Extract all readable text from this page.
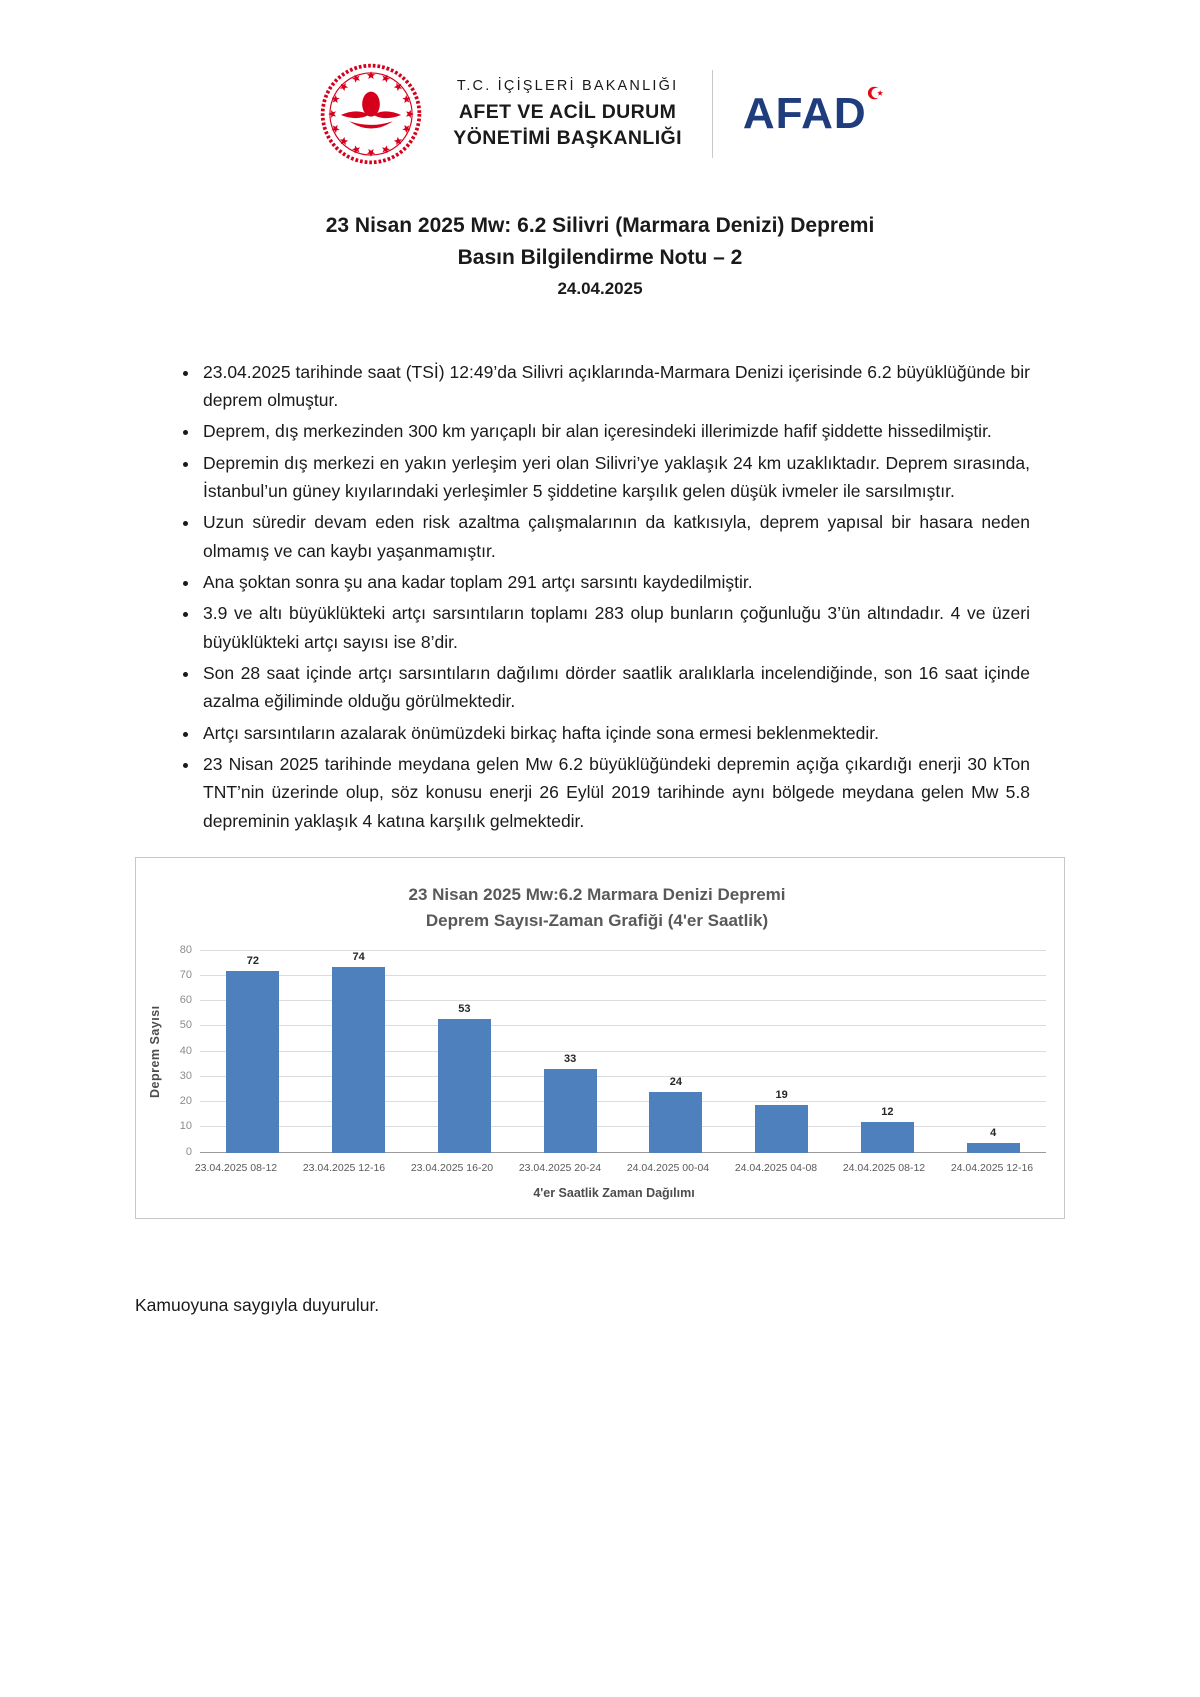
T.C. İÇİŞLERİ BAKANLIĞI
AFET VE ACİL DURUM
YÖNETİMİ BAŞKANLIĞI AFAD
23 Nisan 2025 Mw: 6.2 Silivri (Marmara Denizi) Depremi
Basın Bilgilendirme Notu – 2
24.04.2025
• 23.04.2025 tarihinde saat (TSİ) 12:49’da Silivri açıklarında-Marmara Denizi içerisinde 6.2 büyüklüğünde bir deprem olmuştur.
• Deprem, dış merkezinden 300 km yarıçaplı bir alan içeresindeki illerimizde hafif şiddette hissedilmiştir.
• Depremin dış merkezi en yakın yerleşim yeri olan Silivri’ye yaklaşık 24 km uzaklıktadır. Deprem sırasında, İstanbul’un güney kıyılarındaki yerleşimler 5 şiddetine karşılık gelen düşük ivmeler ile sarsılmıştır.
• Uzun süredir devam eden risk azaltma çalışmalarının da katkısıyla, deprem yapısal bir hasara neden olmamış ve can kaybı yaşanmamıştır.
• Ana şoktan sonra şu ana kadar toplam 291 artçı sarsıntı kaydedilmiştir.
• 3.9 ve altı büyüklükteki artçı sarsıntıların toplamı 283 olup bunların çoğunluğu 3’ün altındadır. 4 ve üzeri büyüklükteki artçı sayısı ise 8’dir.
• Son 28 saat içinde artçı sarsıntıların dağılımı dörder saatlik aralıklarla incelendiğinde, son 16 saat içinde azalma eğiliminde olduğu görülmektedir.
• Artçı sarsıntıların azalarak önümüzdeki birkaç hafta içinde sona ermesi beklenmektedir.
• 23 Nisan 2025 tarihinde meydana gelen Mw 6.2 büyüklüğündeki depremin açığa çıkardığı enerji 30 kTon TNT’nin üzerinde olup, söz konusu enerji 26 Eylül 2019 tarihinde aynı bölgede meydana gelen Mw 5.8 depreminin yaklaşık 4 katına karşılık gelmektedir.
23 Nisan 2025 Mw:6.2 Marmara Denizi Depremi
Deprem Sayısı-Zaman Grafiği (4'er Saatlik)
Deprem Sayısı
0
10
20
30
40
50
60
70
80
72	74
53
33
24
19
12
4
23.04.2025 08-12	23.04.2025 12-16	23.04.2025 16-20	23.04.2025 20-24	24.04.2025 00-04	24.04.2025 04-08	24.04.2025 08-12	24.04.2025 12-16
4'er Saatlik Zaman Dağılımı
Kamuoyuna saygıyla duyurulur.
